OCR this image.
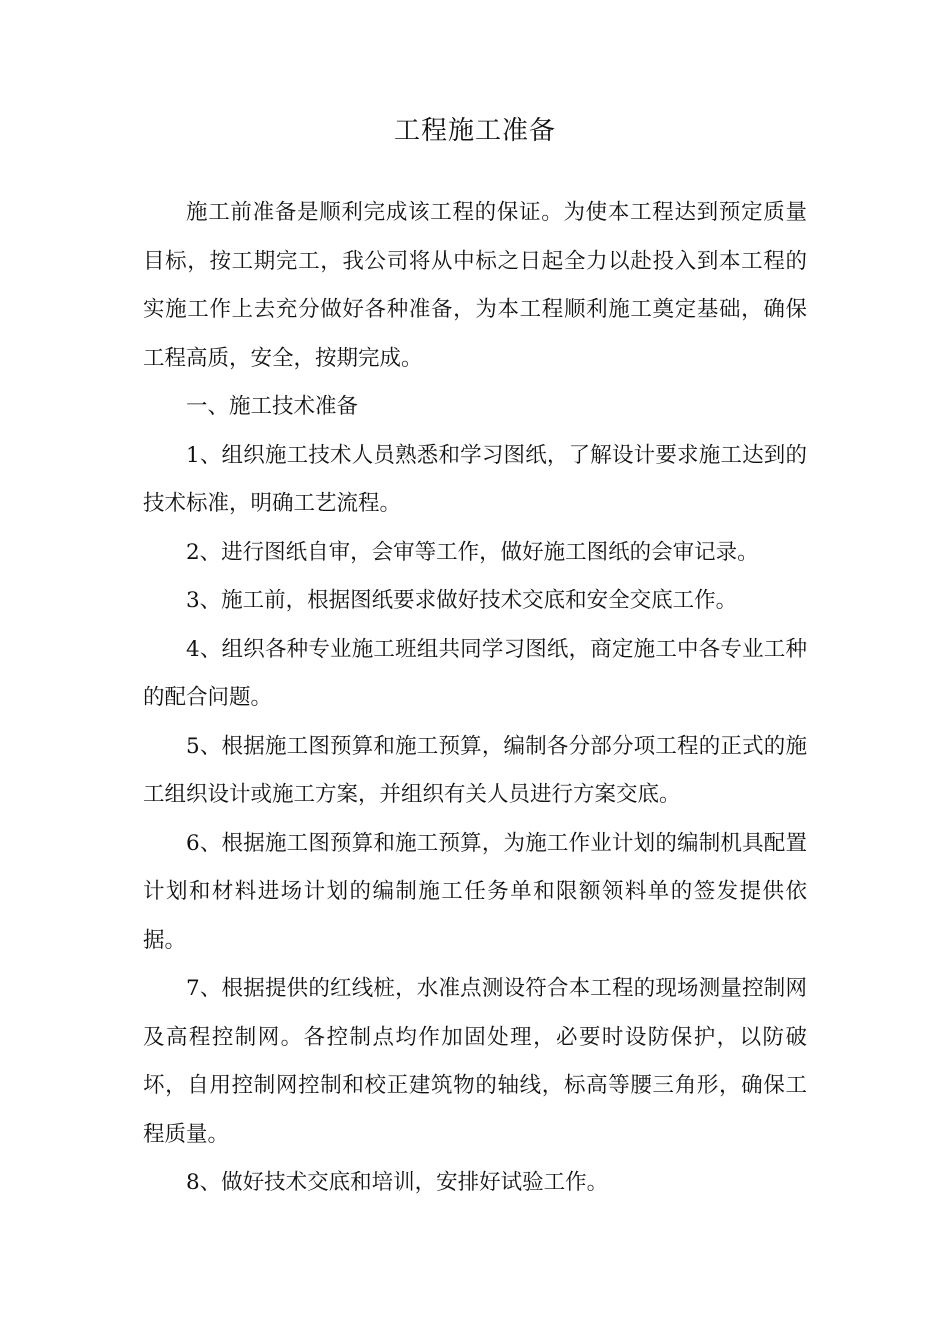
工程施工准备

施工前准备是顺利完成该工程的保证。为使本工程达到预定质量目标，按工期完工，我公司将从中标之日起全力以赴投入到本工程的实施工作上去充分做好各种准备，为本工程顺利施工奠定基础，确保工程高质，安全，按期完成。

一、施工技术准备

1、组织施工技术人员熟悉和学习图纸，了解设计要求施工达到的技术标准，明确工艺流程。

2、进行图纸自审，会审等工作，做好施工图纸的会审记录。

3、施工前，根据图纸要求做好技术交底和安全交底工作。

4、组织各种专业施工班组共同学习图纸，商定施工中各专业工种的配合问题。

5、根据施工图预算和施工预算，编制各分部分项工程的正式的施工组织设计或施工方案，并组织有关人员进行方案交底。

6、根据施工图预算和施工预算，为施工作业计划的编制机具配置计划和材料进场计划的编制施工任务单和限额领料单的签发提供依据。

7、根据提供的红线桩，水准点测设符合本工程的现场测量控制网及高程控制网。各控制点均作加固处理，必要时设防保护，以防破坏，自用控制网控制和校正建筑物的轴线，标高等腰三角形，确保工程质量。

8、做好技术交底和培训，安排好试验工作。
